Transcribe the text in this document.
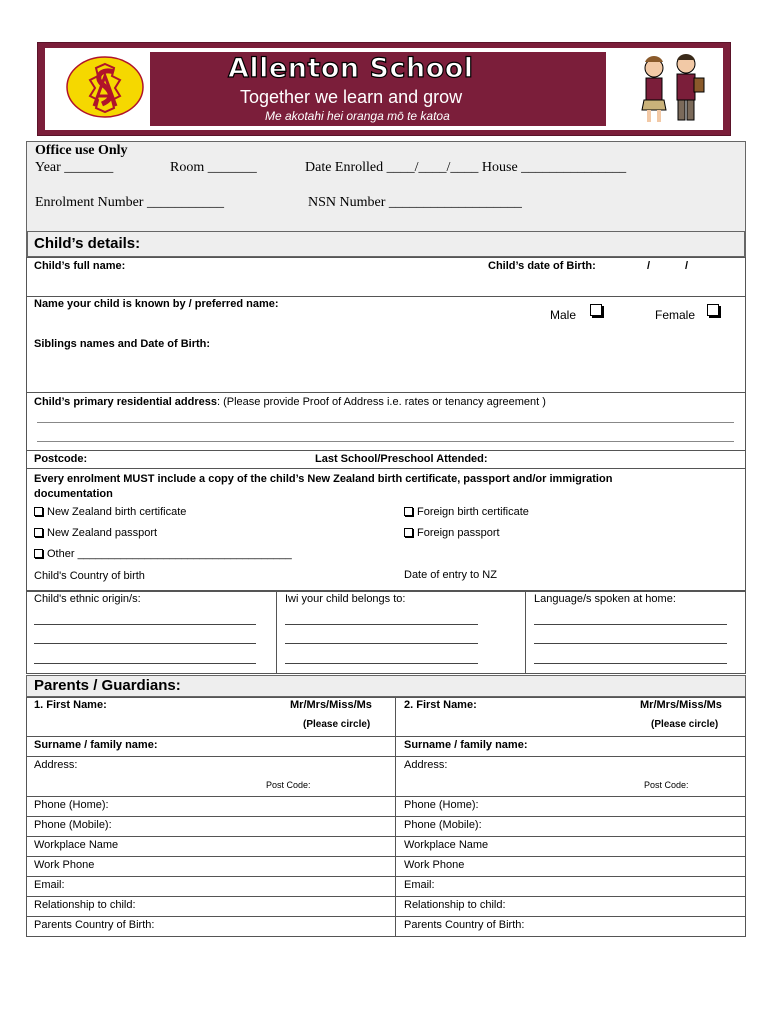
Allenton School
Together we learn and grow
Me akotahi hei oranga mō te katoa
Office use Only
Year _______	Room _______	Date Enrolled ____/____/____ House _______________
Enrolment Number ___________	NSN Number ___________________
Child’s details:
Child’s full name:	Child’s date of Birth:	/	/
Name your child is known by / preferred name:
Male	Female
Siblings names and Date of Birth:
Child’s primary residential address: (Please provide Proof of Address i.e. rates or tenancy agreement )
Postcode:	Last School/Preschool Attended:
Every enrolment MUST include a copy of the child’s New Zealand birth certificate, passport and/or immigration
documentation
New Zealand birth certificate	Foreign birth certificate
New Zealand passport	Foreign passport
Other ___________________________________
Child's Country of birth	Date of entry to NZ
Child's ethnic origin/s:	Iwi your child belongs to:	Language/s spoken at home:
Parents / Guardians:
1. First Name:	Mr/Mrs/Miss/Ms
(Please circle)
2. First Name:	Mr/Mrs/Miss/Ms
(Please circle)
Surname / family name:	Surname / family name:
Address:	Address:
Post Code:	Post Code:
Phone (Home):	Phone (Home):
Phone (Mobile):	Phone (Mobile):
Workplace Name	Workplace Name
Work Phone	Work Phone
Email:	Email:
Relationship to child:	Relationship to child:
Parents Country of Birth:	Parents Country of Birth:
